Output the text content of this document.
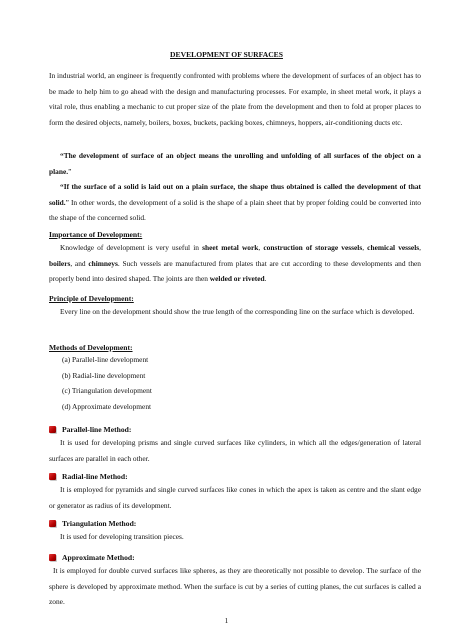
DEVELOPMENT OF SURFACES

In industrial world, an engineer is frequently confronted with problems where the development of surfaces of an object has to be made to help him to go ahead with the design and manufacturing processes. For example, in sheet metal work, it plays a vital role, thus enabling a mechanic to cut proper size of the plate from the development and then to fold at proper places to form the desired objects, namely, boilers, boxes, buckets, packing boxes, chimneys, hoppers, air-conditioning ducts etc.

“The development of surface of an object means the unrolling and unfolding of all surfaces of the object on a plane.”

“If the surface of a solid is laid out on a plain surface, the shape thus obtained is called the development of that solid.” In other words, the development of a solid is the shape of a plain sheet that by proper folding could be converted into the shape of the concerned solid.

Importance of Development:

Knowledge of development is very useful in sheet metal work, construction of storage vessels, chemical vessels, boilers, and chimneys. Such vessels are manufactured from plates that are cut according to these developments and then properly bend into desired shaped. The joints are then welded or riveted.

Principle of Development:

Every line on the development should show the true length of the corresponding line on the surface which is developed.

Methods of Development:

(a) Parallel-line development
(b) Radial-line development
(c) Triangulation development
(d) Approximate development

Parallel-line Method:

It is used for developing prisms and single curved surfaces like cylinders, in which all the edges/generation of lateral surfaces are parallel in each other.

Radial-line Method:

It is employed for pyramids and single curved surfaces like cones in which the apex is taken as centre and the slant edge or generator as radius of its development.

Triangulation Method:

It is used for developing transition pieces.

Approximate Method:

It is employed for double curved surfaces like spheres, as they are theoretically not possible to develop. The surface of the sphere is developed by approximate method. When the surface is cut by a series of cutting planes, the cut surfaces is called a zone.

1
